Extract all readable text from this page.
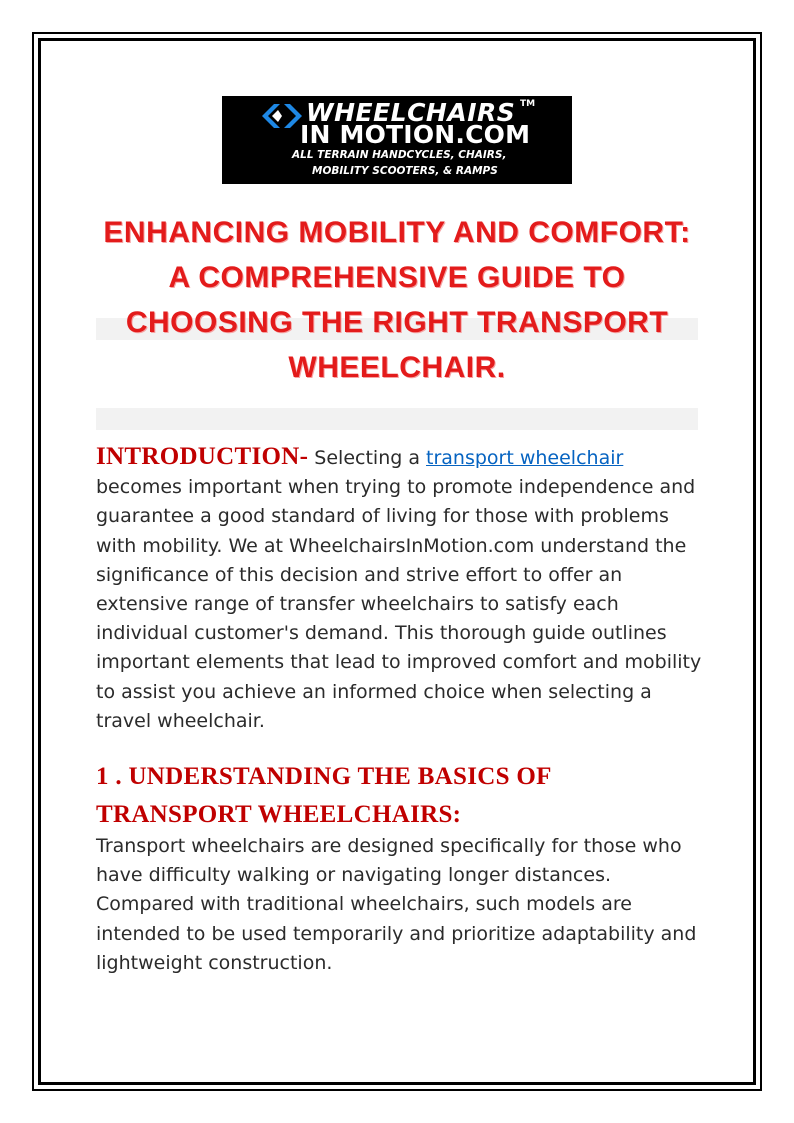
WHEELCHAIRS TM
IN MOTION.COM
ALL TERRAIN HANDCYCLES, CHAIRS,
MOBILITY SCOOTERS, & RAMPS
ENHANCING MOBILITY AND COMFORT:
A COMPREHENSIVE GUIDE TO
CHOOSING THE RIGHT TRANSPORT
WHEELCHAIR.
INTRODUCTION- Selecting a transport wheelchair becomes important when trying to promote independence and guarantee a good standard of living for those with problems with mobility. We at WheelchairsInMotion.com understand the significance of this decision and strive effort to offer an extensive range of transfer wheelchairs to satisfy each individual customer's demand. This thorough guide outlines important elements that lead to improved comfort and mobility to assist you achieve an informed choice when selecting a travel wheelchair.
1 . UNDERSTANDING THE BASICS OF
TRANSPORT WHEELCHAIRS:
Transport wheelchairs are designed specifically for those who have difficulty walking or navigating longer distances. Compared with traditional wheelchairs, such models are intended to be used temporarily and prioritize adaptability and lightweight construction.
